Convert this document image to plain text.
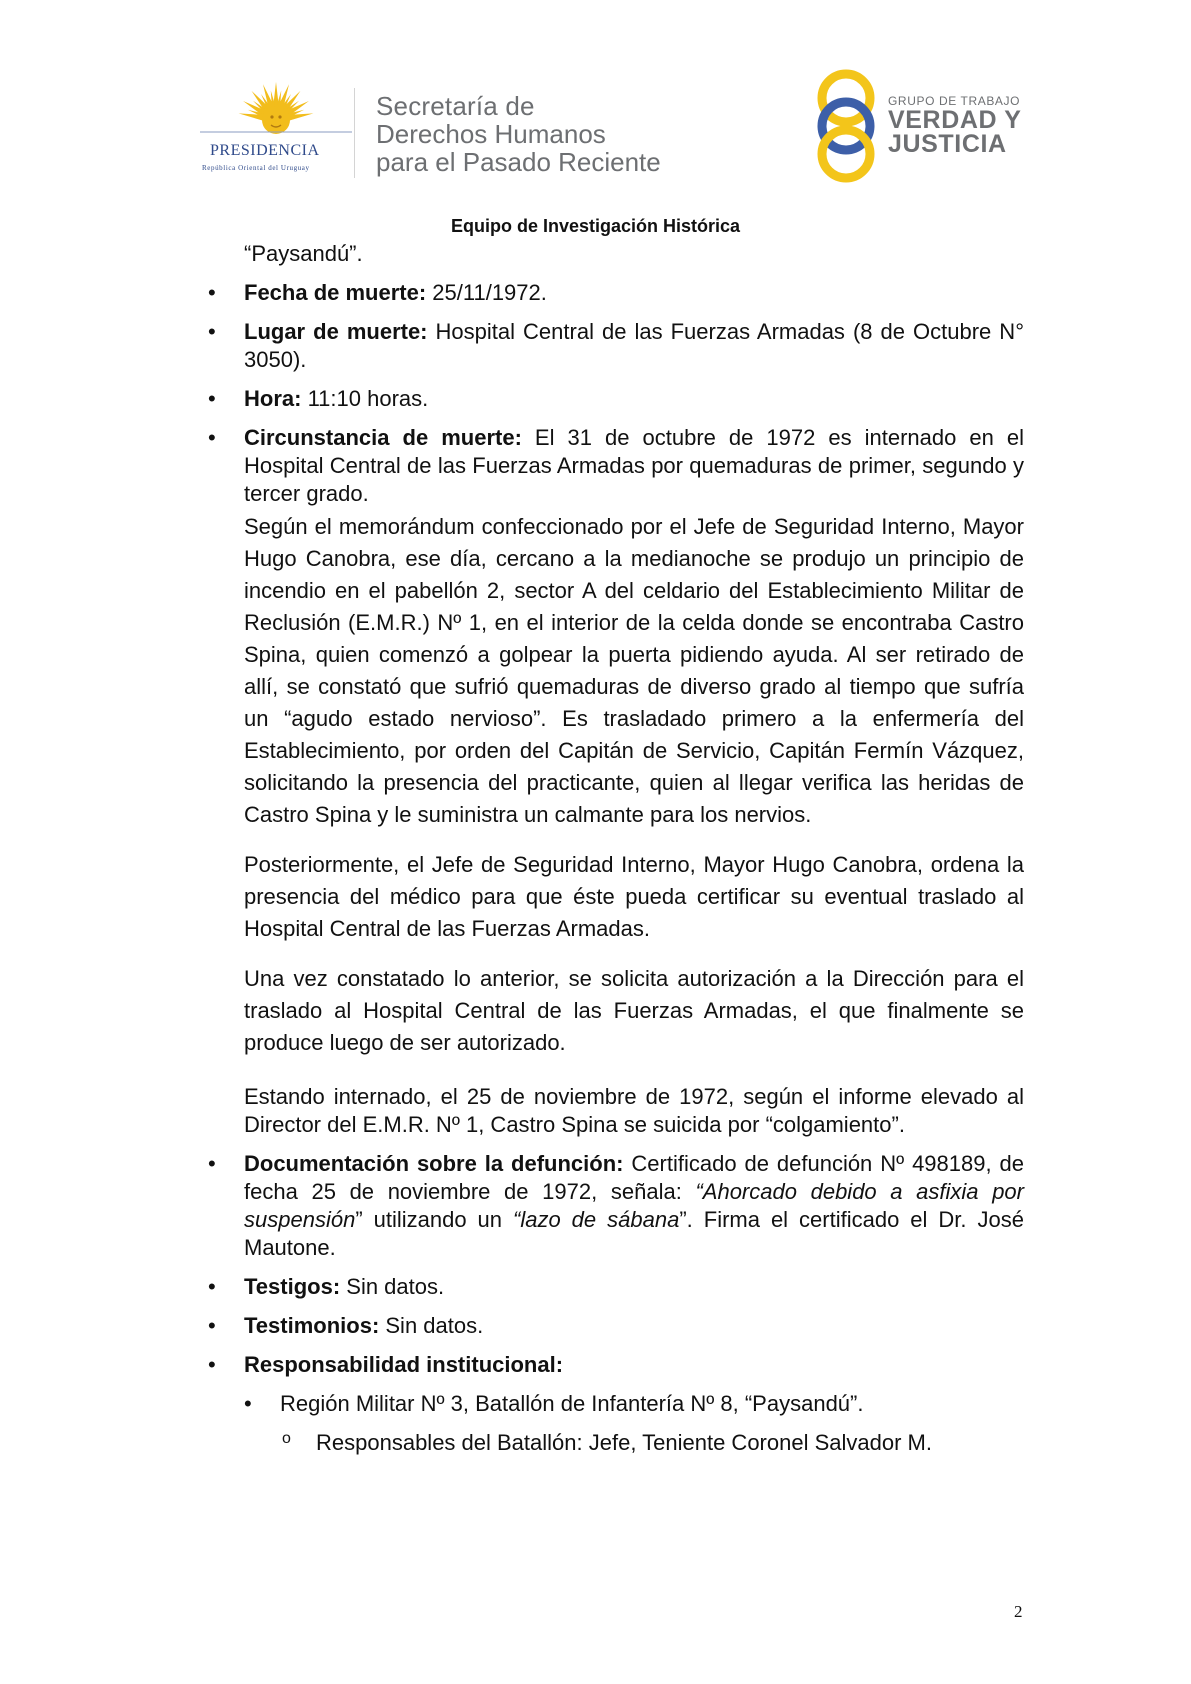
PRESIDENCIA
República Oriental del Uruguay
Secretaría de
Derechos Humanos
para el Pasado Reciente
GRUPO DE TRABAJO
VERDAD Y
JUSTICIA
Equipo de Investigación Histórica
“Paysandú”.
• Fecha de muerte: 25/11/1972.
• Lugar de muerte: Hospital Central de las Fuerzas Armadas (8 de Octubre N° 3050).
• Hora: 11:10 horas.
• Circunstancia de muerte: El 31 de octubre de 1972 es internado en el Hospital Central de las Fuerzas Armadas por quemaduras de primer, segundo y tercer grado.
Según el memorándum confeccionado por el Jefe de Seguridad Interno, Mayor Hugo Canobra, ese día, cercano a la medianoche se produjo un principio de incendio en el pabellón 2, sector A del celdario del Establecimiento Militar de Reclusión (E.M.R.) Nº 1, en el interior de la celda donde se encontraba Castro Spina, quien comenzó a golpear la puerta pidiendo ayuda. Al ser retirado de allí, se constató que sufrió quemaduras de diverso grado al tiempo que sufría un “agudo estado nervioso”. Es trasladado primero a la enfermería del Establecimiento, por orden del Capitán de Servicio, Capitán Fermín Vázquez, solicitando la presencia del practicante, quien al llegar verifica las heridas de Castro Spina y le suministra un calmante para los nervios.
Posteriormente, el Jefe de Seguridad Interno, Mayor Hugo Canobra, ordena la presencia del médico para que éste pueda certificar su eventual traslado al Hospital Central de las Fuerzas Armadas.
Una vez constatado lo anterior, se solicita autorización a la Dirección para el traslado al Hospital Central de las Fuerzas Armadas, el que finalmente se produce luego de ser autorizado.
Estando internado, el 25 de noviembre de 1972, según el informe elevado al Director del E.M.R. Nº 1, Castro Spina se suicida por “colgamiento”.
• Documentación sobre la defunción: Certificado de defunción Nº 498189, de fecha 25 de noviembre de 1972, señala: “Ahorcado debido a asfixia por suspensión” utilizando un “lazo de sábana”. Firma el certificado el Dr. José Mautone.
• Testigos: Sin datos.
• Testimonios: Sin datos.
• Responsabilidad institucional:
• Región Militar Nº 3, Batallón de Infantería Nº 8, “Paysandú”.
o Responsables del Batallón: Jefe, Teniente Coronel Salvador M.
2
